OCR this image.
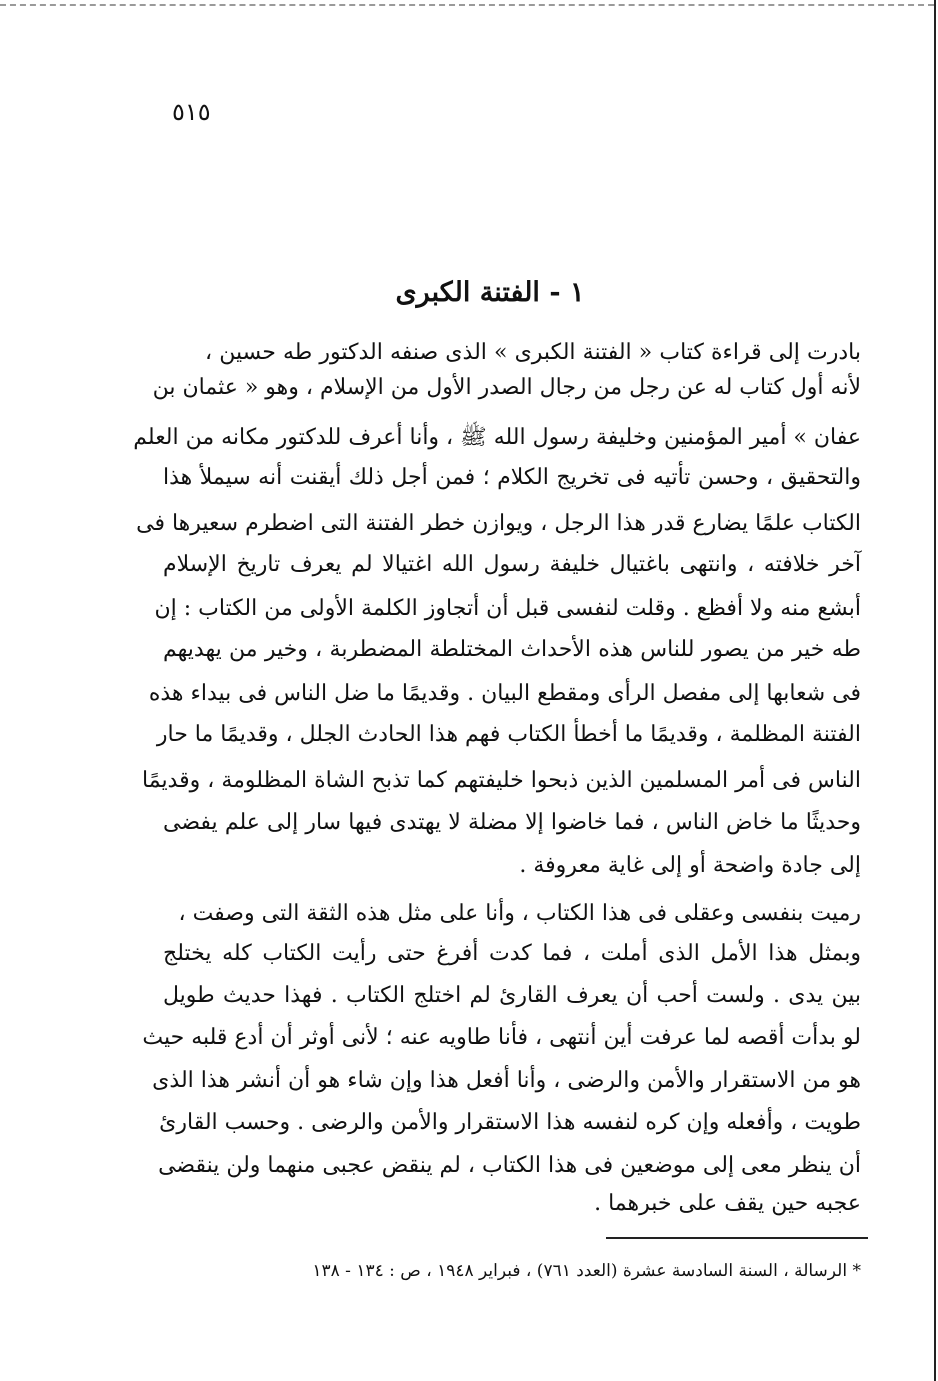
٥١٥
١ - الفتنة الكبرى
بادرت إلى قراءة كتاب « الفتنة الكبرى » الذى صنفه الدكتور طه حسين ،
لأنه أول كتاب له عن رجل من رجال الصدر الأول من الإسلام ، وهو « عثمان بن
عفان » أمير المؤمنين وخليفة رسول الله ﷺ ، وأنا أعرف للدكتور مكانه من العلم
والتحقيق ، وحسن تأتيه فى تخريج الكلام ؛ فمن أجل ذلك أيقنت أنه سيملأ هذا
الكتاب علمًا يضارع قدر هذا الرجل ، ويوازن خطر الفتنة التى اضطرم سعيرها فى
آخر خلافته ، وانتهى باغتيال خليفة رسول الله اغتيالا لم يعرف تاريخ الإسلام
أبشع منه ولا أفظع . وقلت لنفسى قبل أن أتجاوز الكلمة الأولى من الكتاب : إن
طه خير من يصور للناس هذه الأحداث المختلطة المضطربة ، وخير من يهديهم
فى شعابها إلى مفصل الرأى ومقطع البيان . وقديمًا ما ضل الناس فى بيداء هذه
الفتنة المظلمة ، وقديمًا ما أخطأ الكتاب فهم هذا الحادث الجلل ، وقديمًا ما حار
الناس فى أمر المسلمين الذين ذبحوا خليفتهم كما تذبح الشاة المظلومة ، وقديمًا
وحديثًا ما خاض الناس ، فما خاضوا إلا مضلة لا يهتدى فيها سار إلى علم يفضى
إلى جادة واضحة أو إلى غاية معروفة .
رميت بنفسى وعقلى فى هذا الكتاب ، وأنا على مثل هذه الثقة التى وصفت ،
وبمثل هذا الأمل الذى أملت ، فما كدت أفرغ حتى رأيت الكتاب كله يختلج
بين يدى . ولست أحب أن يعرف القارئ لم اختلج الكتاب . فهذا حديث طويل
لو بدأت أقصه لما عرفت أين أنتهى ، فأنا طاويه عنه ؛ لأنى أوثر أن أدع قلبه حيث
هو من الاستقرار والأمن والرضى ، وأنا أفعل هذا وإن شاء هو أن أنشر هذا الذى
طويت ، وأفعله وإن كره لنفسه هذا الاستقرار والأمن والرضى . وحسب القارئ
أن ينظر معى إلى موضعين فى هذا الكتاب ، لم ينقض عجبى منهما ولن ينقضى
عجبه حين يقف على خبرهما .
* الرسالة ، السنة السادسة عشرة (العدد ٧٦١) ، فبراير ١٩٤٨ ، ص : ١٣٤ - ١٣٨
